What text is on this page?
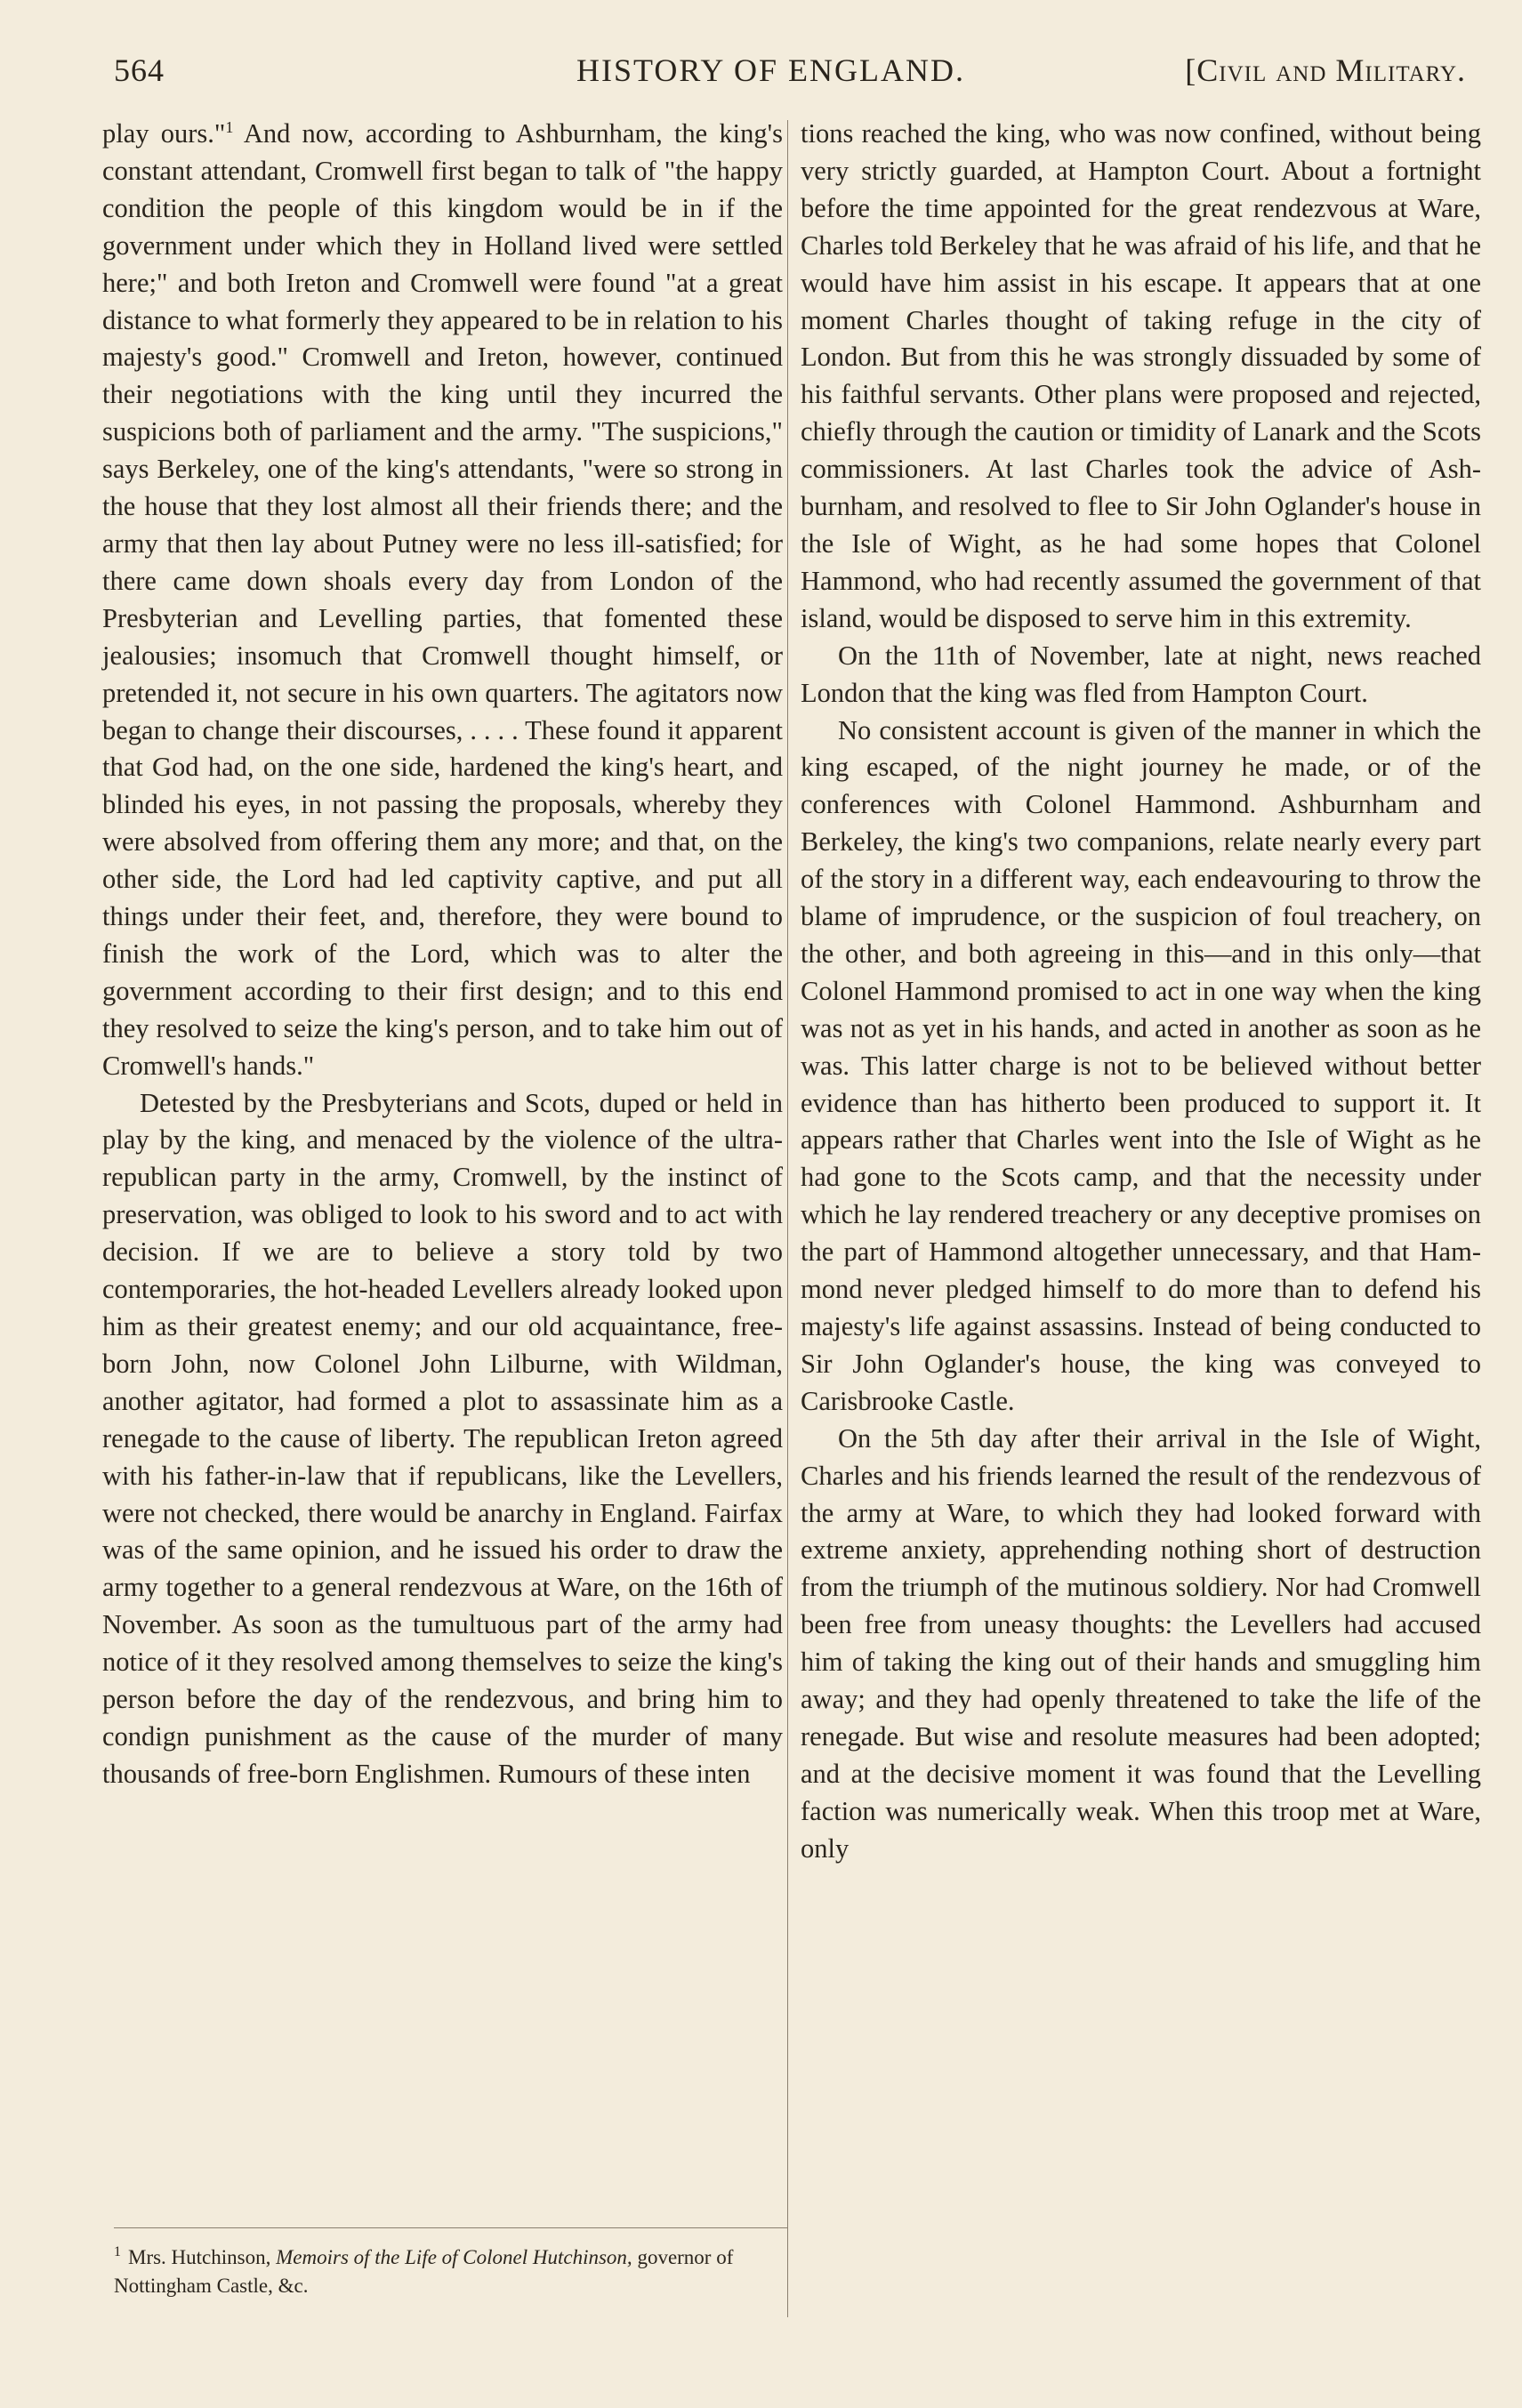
564	HISTORY OF ENGLAND.	[Civil and Military.

play ours."$^1$ And now, according to Ashburnham, the king's constant attendant, Cromwell first began to talk of "the happy condition the people of this kingdom would be in if the government under which they in Holland lived were settled here;" and both Ireton and Cromwell were found "at a great distance to what formerly they appeared to be in relation to his majesty's good." Cromwell and Ireton, however, continued their negotiations with the king until they incurred the suspicions both of parliament and the army. "The suspicions," says Berkeley, one of the king's attendants, "were so strong in the house that they lost almost all their friends there; and the army that then lay about Putney were no less ill-satisfied; for there came down shoals every day from London of the Presbyterian and Levelling parties, that fomented these jealousies; insomuch that Cromwell thought himself, or pretended it, not secure in his own quarters. The agitators now began to change their discourses, . . . . These found it apparent that God had, on the one side, hardened the king's heart, and blinded his eyes, in not passing the proposals, whereby they were absolved from offering them any more; and that, on the other side, the Lord had led captivity captive, and put all things under their feet, and, therefore, they were bound to finish the work of the Lord, which was to alter the government according to their first design; and to this end they resolved to seize the king's person, and to take him out of Cromwell's hands."

Detested by the Presbyterians and Scots, duped or held in play by the king, and menaced by the violence of the ultra-republican party in the army, Cromwell, by the instinct of preservation, was obliged to look to his sword and to act with decision. If we are to believe a story told by two contemporaries, the hot-headed Levellers already looked upon him as their greatest enemy; and our old acquaintance, free-born John, now Colonel John Lilburne, with Wildman, another agitator, had formed a plot to assassinate him as a renegade to the cause of liberty. The republican Ireton agreed with his father-in-law that if republicans, like the Levellers, were not checked, there would be anarchy in England. Fairfax was of the same opinion, and he issued his order to draw the army together to a general rendezvous at Ware, on the 16th of November. As soon as the tumultuous part of the army had notice of it they resolved among themselves to seize the king's person before the day of the rendezvous, and bring him to condign punishment as the cause of the murder of many thousands of free-born Englishmen. Rumours of these inten

tions reached the king, who was now confined, without being very strictly guarded, at Hampton Court. About a fortnight before the time appointed for the great rendezvous at Ware, Charles told Berkeley that he was afraid of his life, and that he would have him assist in his escape. It appears that at one moment Charles thought of taking refuge in the city of London. But from this he was strongly dissuaded by some of his faithful servants. Other plans were proposed and rejected, chiefly through the caution or timidity of Lanark and the Scots commissioners. At last Charles took the advice of Ashburnham, and resolved to flee to Sir John Oglander's house in the Isle of Wight, as he had some hopes that Colonel Hammond, who had recently assumed the government of that island, would be disposed to serve him in this extremity.

On the 11th of November, late at night, news reached London that the king was fled from Hampton Court.

No consistent account is given of the manner in which the king escaped, of the night journey he made, or of the conferences with Colonel Hammond. Ashburnham and Berkeley, the king's two companions, relate nearly every part of the story in a different way, each endeavouring to throw the blame of imprudence, or the suspicion of foul treachery, on the other, and both agreeing in this—and in this only—that Colonel Hammond promised to act in one way when the king was not as yet in his hands, and acted in another as soon as he was. This latter charge is not to be believed without better evidence than has hitherto been produced to support it. It appears rather that Charles went into the Isle of Wight as he had gone to the Scots camp, and that the necessity under which he lay rendered treachery or any deceptive promises on the part of Hammond altogether unnecessary, and that Hammond never pledged himself to do more than to defend his majesty's life against assassins. Instead of being conducted to Sir John Oglander's house, the king was conveyed to Carisbrooke Castle.

On the 5th day after their arrival in the Isle of Wight, Charles and his friends learned the result of the rendezvous of the army at Ware, to which they had looked forward with extreme anxiety, apprehending nothing short of destruction from the triumph of the mutinous soldiery. Nor had Cromwell been free from uneasy thoughts: the Levellers had accused him of taking the king out of their hands and smuggling him away; and they had openly threatened to take the life of the renegade. But wise and resolute measures had been adopted; and at the decisive moment it was found that the Levelling faction was numerically weak. When this troop met at Ware, only

$^1$ Mrs. Hutchinson, Memoirs of the Life of Colonel Hutchinson, governor of Nottingham Castle, &c.
